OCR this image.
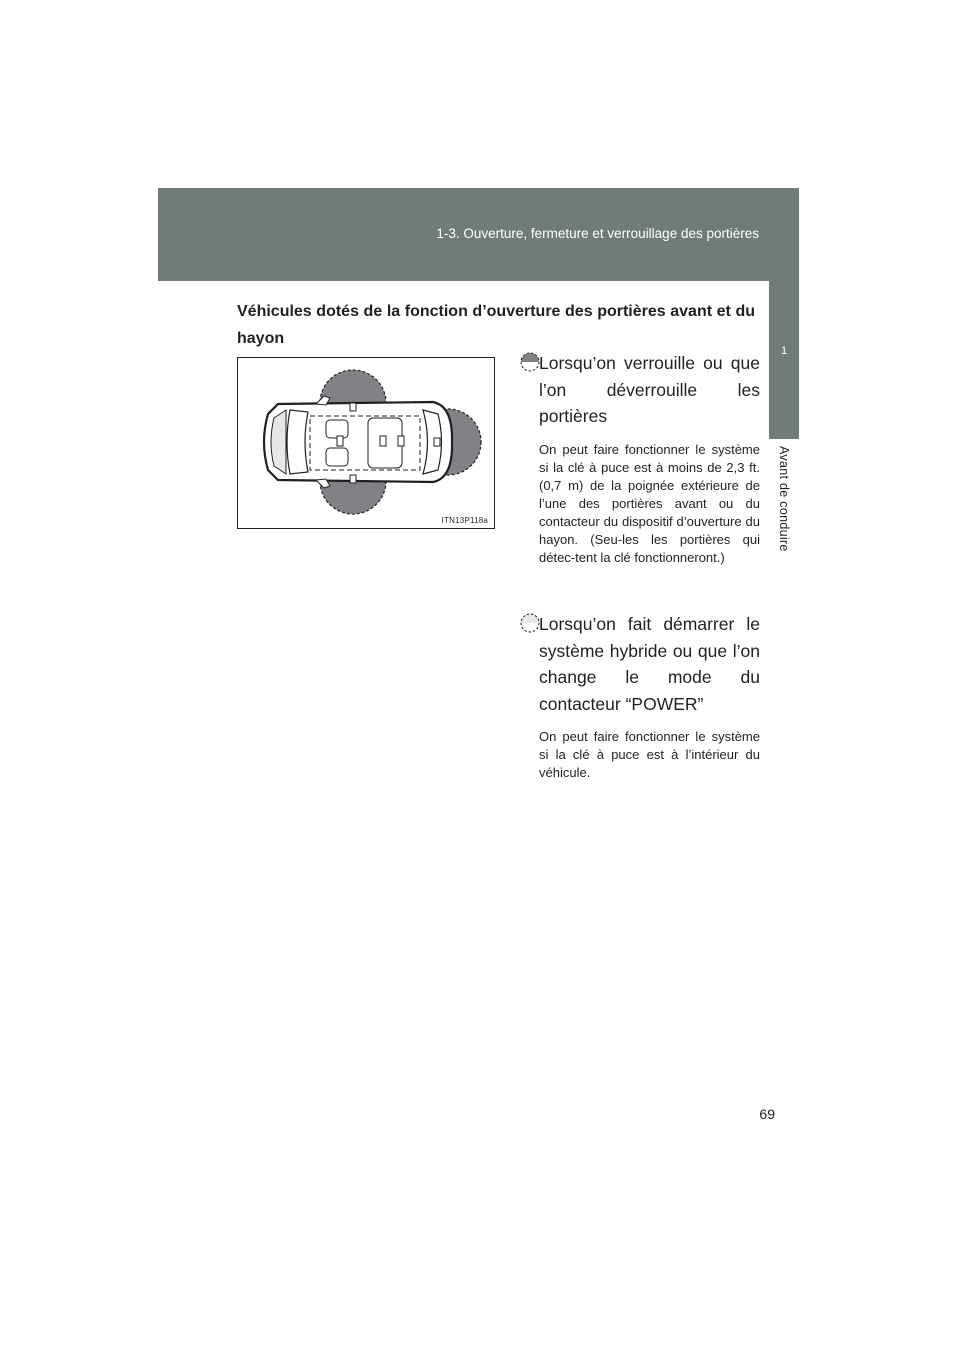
1-3. Ouverture, fermeture et verrouillage des portières
1
Avant de conduire
Véhicules dotés de la fonction d’ouverture des portières avant et du hayon
ITN13P118a
Lorsqu’on verrouille ou que l’on déverrouille les portières
On peut faire fonctionner le système si la clé à puce est à moins de 2,3 ft. (0,7 m) de la poignée extérieure de l’une des portières avant ou du contacteur du dispositif d’ouverture du hayon. (Seu-les les portières qui détec-tent la clé fonctionneront.)
Lorsqu’on fait démarrer le système hybride ou que l’on change le mode du contacteur “POWER”
On peut faire fonctionner le système si la clé à puce est à l’intérieur du véhicule.
69
